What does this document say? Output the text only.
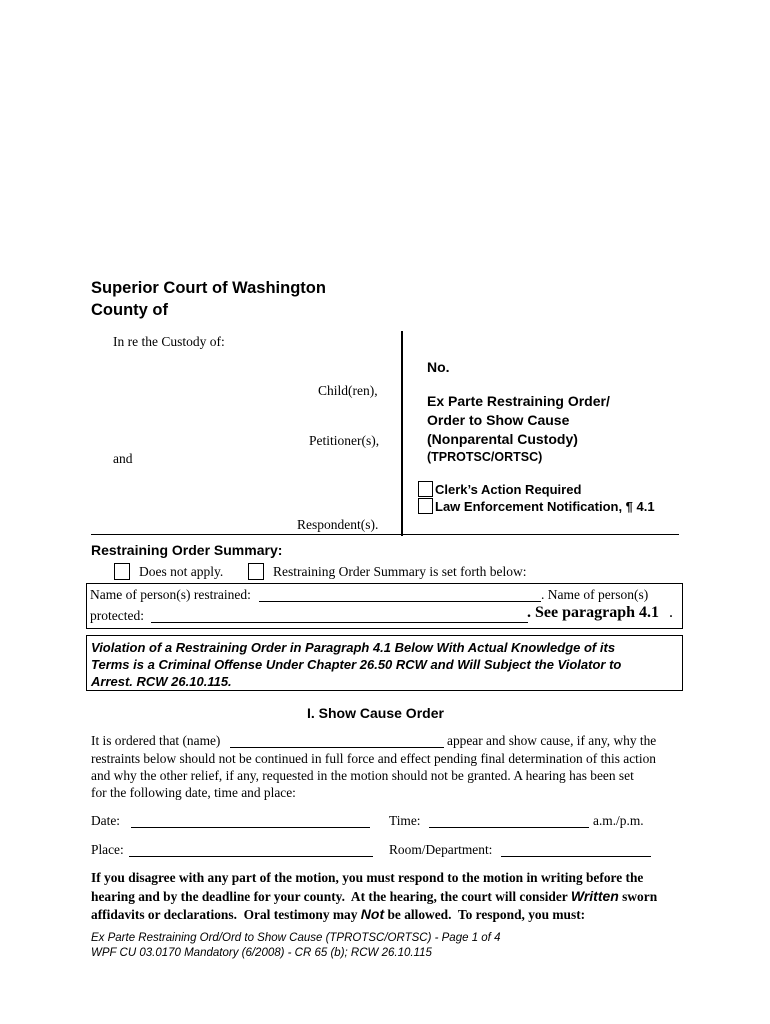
Superior Court of Washington
County of
In re the Custody of:
Child(ren),
Petitioner(s),
and
Respondent(s).
No.
Ex Parte Restraining Order/
Order to Show Cause
(Nonparental Custody)
(TPROTSC/ORTSC)
Clerk’s Action Required
Law Enforcement Notification, ¶ 4.1
Restraining Order Summary:
Does not apply.	Restraining Order Summary is set forth below:
Name of person(s) restrained:	. Name of person(s)
protected:	. See paragraph 4.1 .
Violation of a Restraining Order in Paragraph 4.1 Below With Actual Knowledge of its
Terms is a Criminal Offense Under Chapter 26.50 RCW and Will Subject the Violator to
Arrest. RCW 26.10.115.
I. Show Cause Order
It is ordered that (name)	appear and show cause, if any, why the
restraints below should not be continued in full force and effect pending final determination of this action
and why the other relief, if any, requested in the motion should not be granted. A hearing has been set
for the following date, time and place:
Date:	Time:	a.m./p.m.
Place:	Room/Department:
If you disagree with any part of the motion, you must respond to the motion in writing before the
hearing and by the deadline for your county.  At the hearing, the court will consider Written sworn
affidavits or declarations.  Oral testimony may Not be allowed.  To respond, you must:
Ex Parte Restraining Ord/Ord to Show Cause (TPROTSC/ORTSC) - Page 1 of 4
WPF CU 03.0170 Mandatory (6/2008) - CR 65 (b); RCW 26.10.115
